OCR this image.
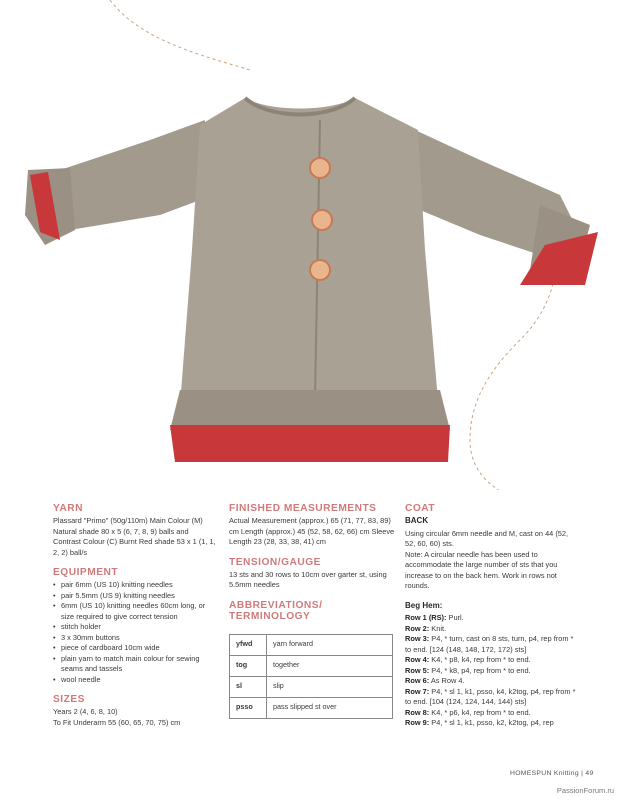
YARN

Plassard "Primo" (50g/110m) Main Colour (M) Natural shade 80 x 5 (6, 7, 8, 9) balls and Contrast Colour (C) Burnt Red shade 53 x 1 (1, 1, 2, 2) ball/s

EQUIPMENT
• pair 6mm (US 10) knitting needles
• pair 5.5mm (US 9) knitting needles
• 6mm (US 10) knitting needles 60cm long, or size required to give correct tension
• stitch holder
• 3 x 30mm buttons
• piece of cardboard 10cm wide
• plain yarn to match main colour for sewing seams and tassels
• wool needle
SIZES

Years 2 (4, 6, 8, 10)

To Fit Underarm 55 (60, 65, 70, 75) cm

FINISHED MEASUREMENTS

Actual Measurement (approx.) 65 (71, 77, 83, 89) cm Length (approx.) 45 (52, 58, 62, 66) cm Sleeve Length 23 (28, 33, 38, 41) cm

TENSION/GAUGE

13 sts and 30 rows to 10cm over garter st, using 5.5mm needles

ABBREVIATIONS/ TERMINOLOGY
yfwd	yarn forward
tog	together
sl	slip
psso	pass slipped st over
COAT
BACK

Using circular 6mm needle and M, cast on 44 (52, 52, 60, 60) sts.

Note: A circular needle has been used to accommodate the large number of sts that you increase to on the back hem. Work in rows not rounds.

Beg Hem:

Row 1 (RS): Purl.

Row 2: Knit.

Row 3: P4, * turn, cast on 8 sts, turn, p4, rep from * to end. [124 (148, 148, 172, 172) sts]

Row 4: K4, * p8, k4, rep from * to end.

Row 5: P4, * k8, p4, rep from * to end.

Row 6: As Row 4.

Row 7: P4, * sl 1, k1, psso, k4, k2tog, p4, rep from * to end. [104 (124, 124, 144, 144) sts]

Row 8: K4, * p6, k4, rep from * to end.

Row 9: P4, * sl 1, k1, psso, k2, k2tog, p4, rep

HOMESPUN Knitting | 49
PassionForum.ru
